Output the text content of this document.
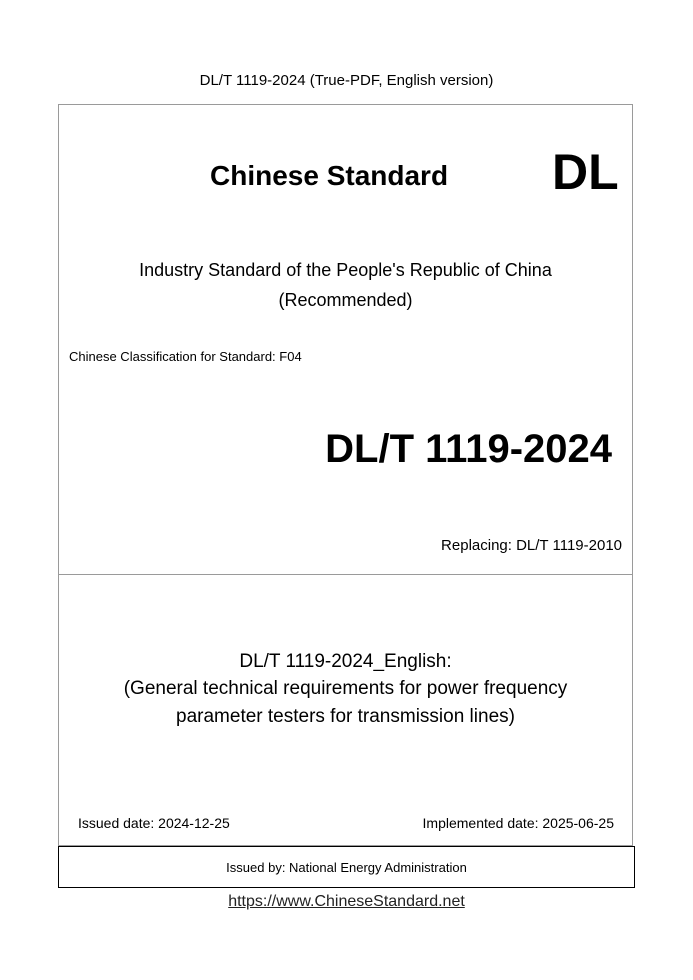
DL/T 1119-2024 (True-PDF, English version)
Chinese Standard DL
Industry Standard of the People's Republic of China
(Recommended)
Chinese Classification for Standard: F04
DL/T 1119-2024
Replacing: DL/T 1119-2010
DL/T 1119-2024_English:
(General technical requirements for power frequency
parameter testers for transmission lines)
Issued date: 2024-12-25	Implemented date: 2025-06-25
Issued by: National Energy Administration
https://www.ChineseStandard.net
